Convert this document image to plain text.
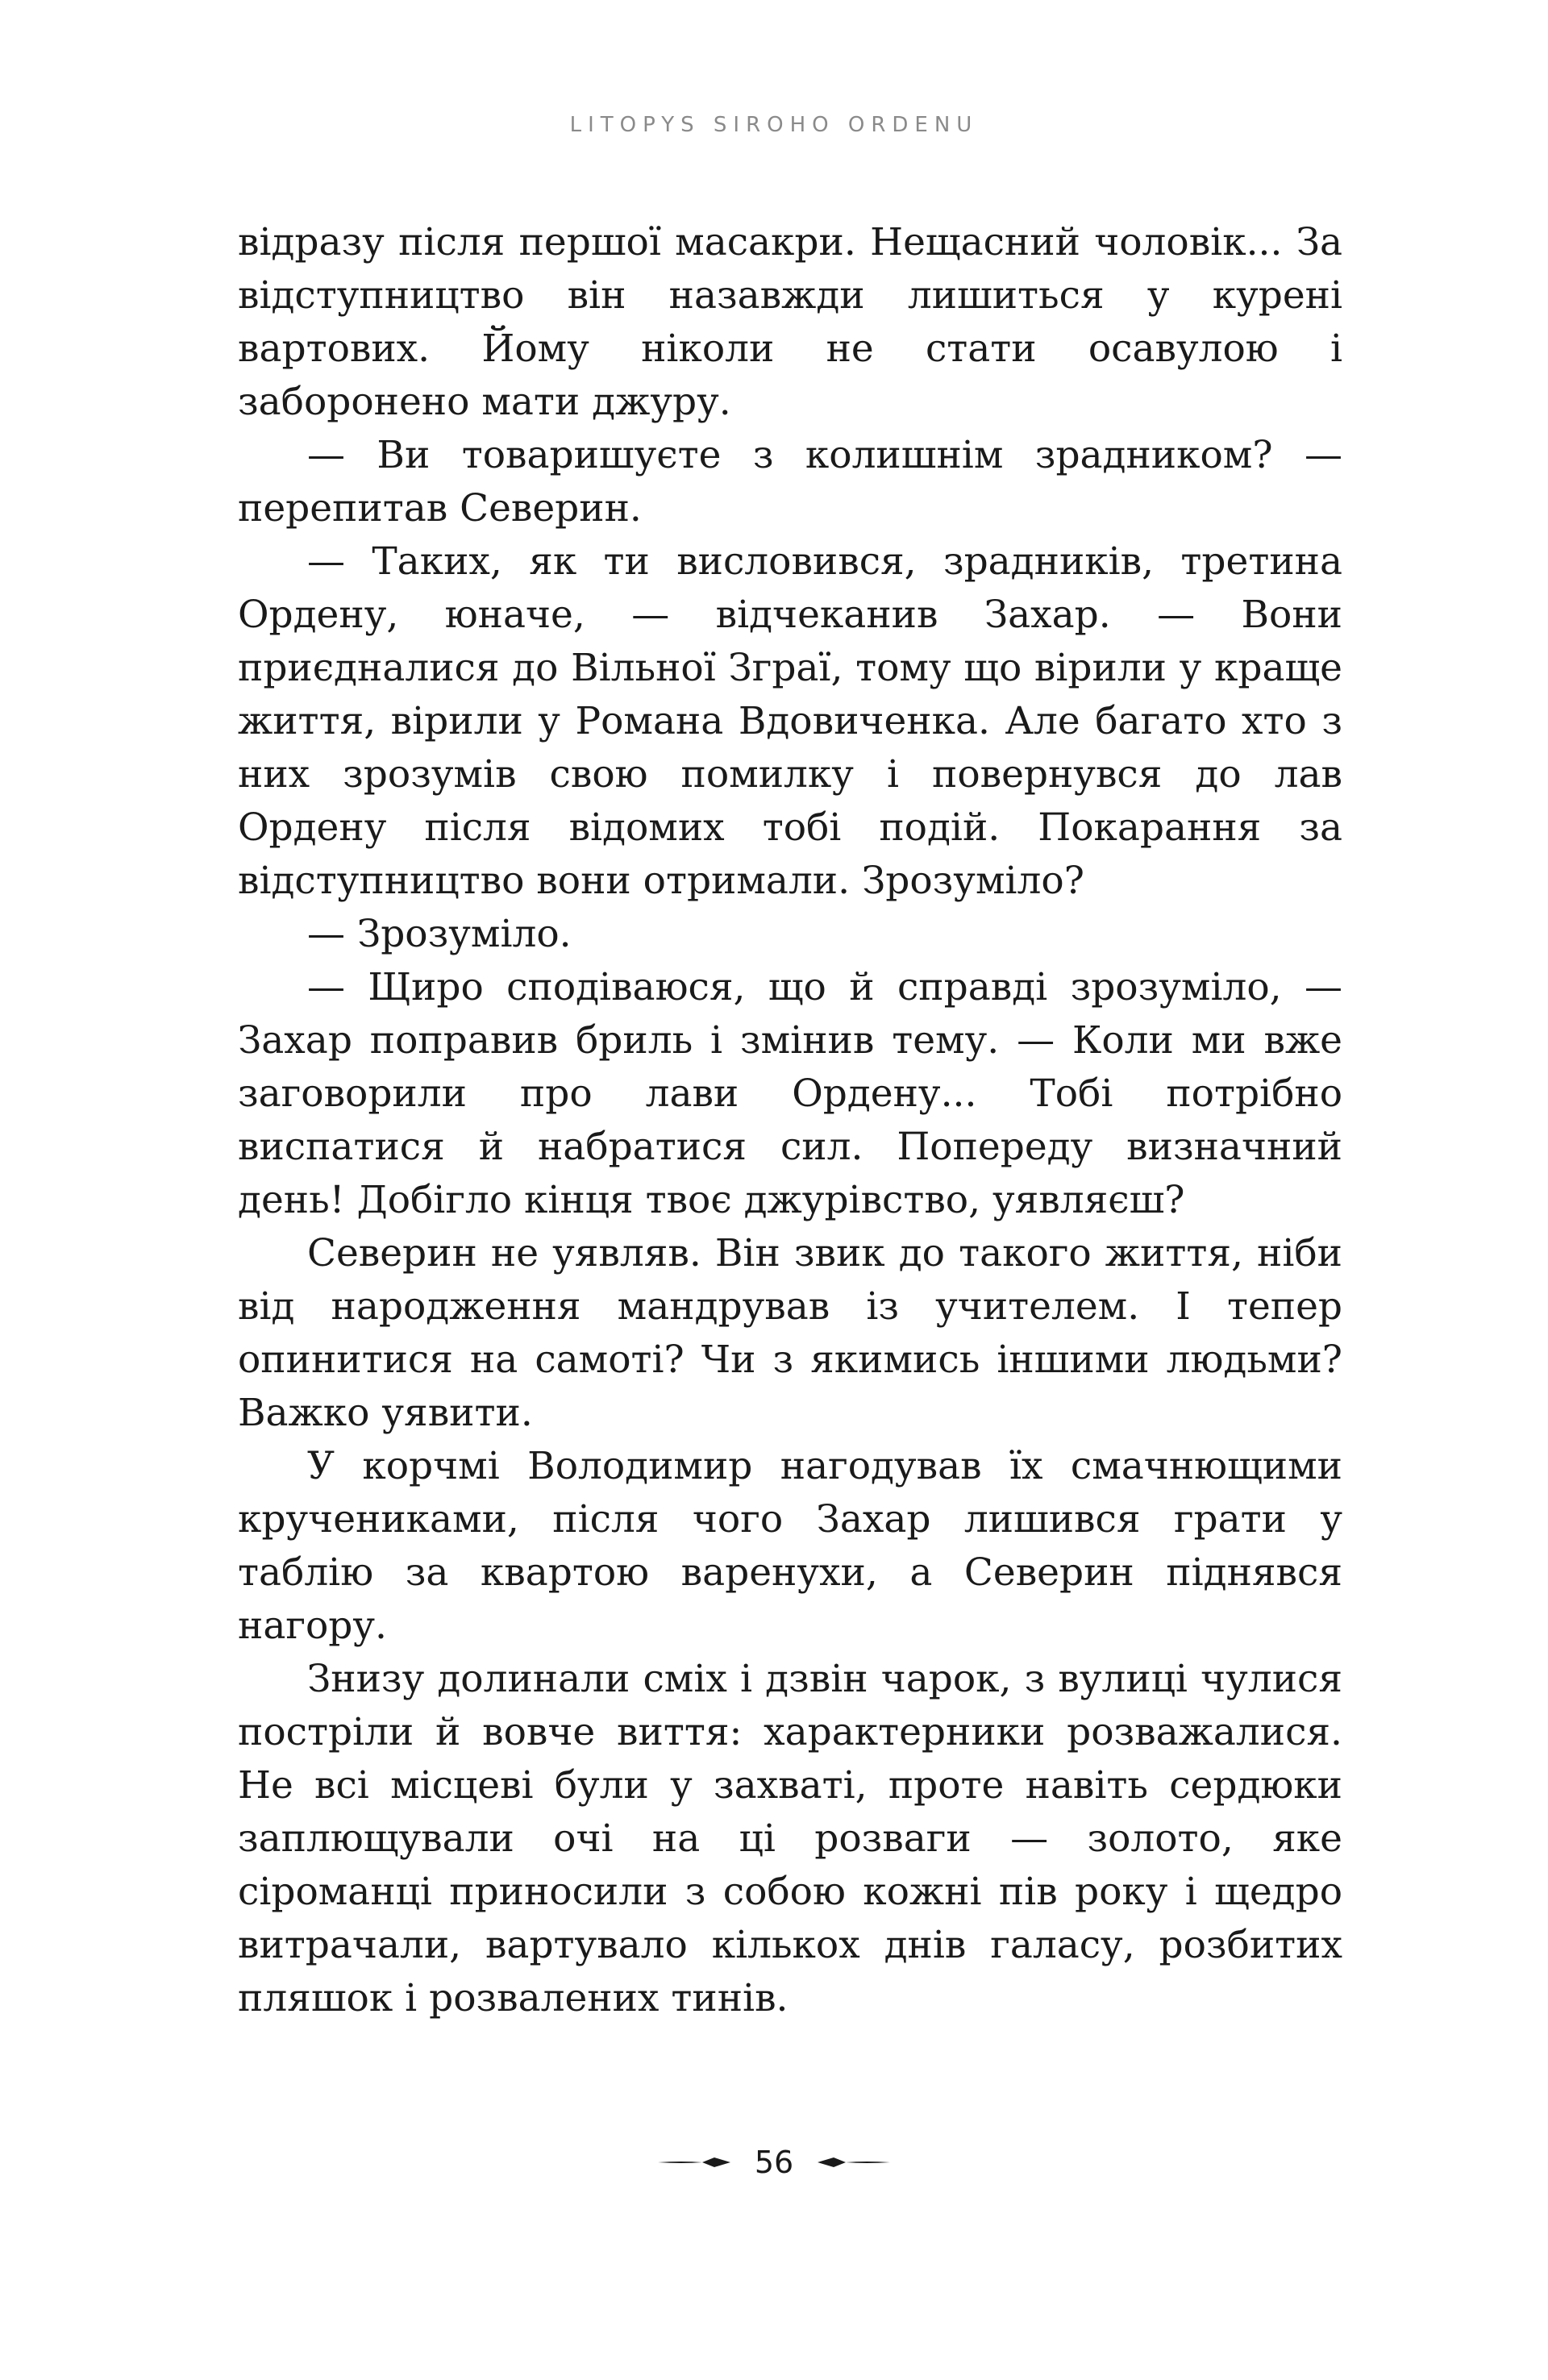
LITOPYS SIROHO ORDENU

відразу після першої масакри. Нещасний чоловік... За відступництво він назавжди лишиться у курені вартових. Йому ніколи не стати осавулою і заборонено мати джуру.

— Ви товаришуєте з колишнім зрадником? — перепитав Северин.

— Таких, як ти висловився, зрадників, третина Ордену, юначе, — відчеканив Захар. — Вони приєдналися до Вільної Зграї, тому що вірили у краще життя, вірили у Романа Вдовиченка. Але багато хто з них зрозумів свою помилку і повернувся до лав Ордену після відомих тобі подій. Покарання за відступництво вони отримали. Зрозуміло?

— Зрозуміло.

— Щиро сподіваюся, що й справді зрозуміло, — Захар поправив бриль і змінив тему. — Коли ми вже заговорили про лави Ордену... Тобі потрібно виспатися й набратися сил. Попереду визначний день! Добігло кінця твоє джурівство, уявляєш?

Северин не уявляв. Він звик до такого життя, ніби від народження мандрував із учителем. І тепер опинитися на самоті? Чи з якимись іншими людьми? Важко уявити.

У корчмі Володимир нагодував їх смачнющими кручениками, після чого Захар лишився грати у таблію за квартою варенухи, а Северин піднявся нагору.

Знизу долинали сміх і дзвін чарок, з вулиці чулися постріли й вовче виття: характерники розважалися. Не всі місцеві були у захваті, проте навіть сердюки заплющували очі на ці розваги — золото, яке сіроманці приносили з собою кожні пів року і щедро витрачали, вартувало кількох днів галасу, розбитих пляшок і розвалених тинів.

56
